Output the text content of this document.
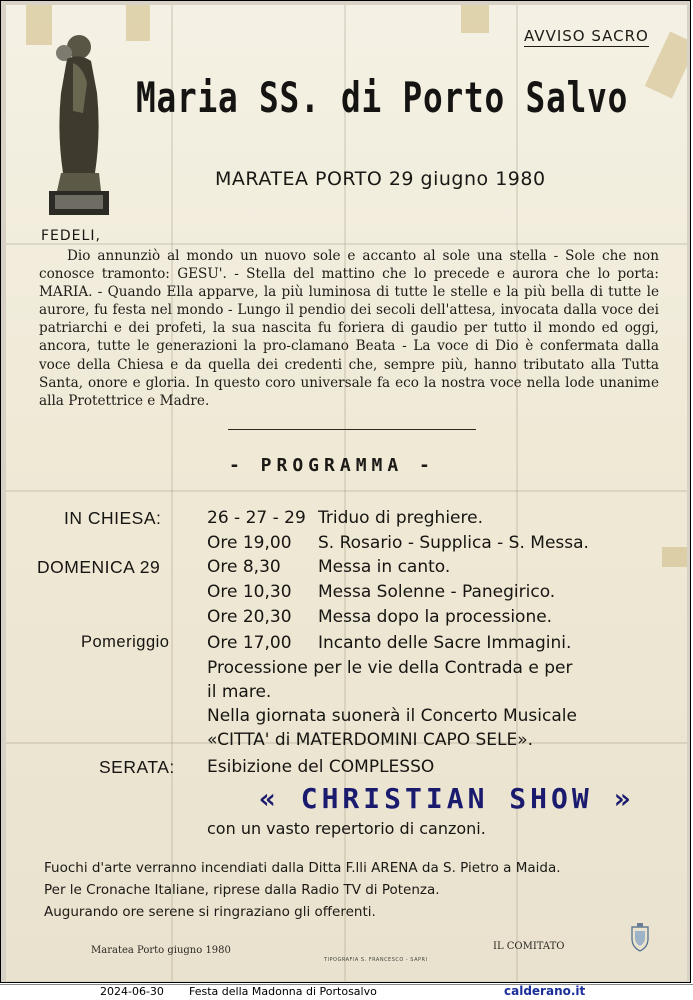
AVVISO SACRO
Maria SS. di Porto Salvo
MARATEA PORTO 29 giugno 1980
FEDELI,
Dio annunziò al mondo un nuovo sole e accanto al sole una stella - Sole che non conosce tramonto: GESU'. - Stella del mattino che lo precede e aurora che lo porta: MARIA. - Quando Ella apparve, la più luminosa di tutte le stelle e la più bella di tutte le aurore, fu festa nel mondo - Lungo il pendio dei secoli dell'attesa, invocata dalla voce dei patriarchi e dei profeti, la sua nascita fu foriera di gaudio per tutto il mondo ed oggi, ancora, tutte le generazioni la pro-clamano Beata - La voce di Dio è confermata dalla voce della Chiesa e da quella dei credenti che, sempre più, hanno tributato alla Tutta Santa, onore e gloria. In questo coro universale fa eco la nostra voce nella lode unanime alla Protettrice e Madre.
- PROGRAMMA -
IN CHIESA:	26 - 27 - 29 Triduo di preghiere.
Ore 19,00 S. Rosario - Supplica - S. Messa.
DOMENICA 29	Ore 8,30 Messa in canto.
Ore 10,30 Messa Solenne - Panegirico.
Ore 20,30 Messa dopo la processione.
Pomeriggio Ore 17,00 Incanto delle Sacre Immagini.
Processione per le vie della Contrada e per
il mare.
Nella giornata suonerà il Concerto Musicale
«CITTA' di MATERDOMINI CAPO SELE».
SERATA: Esibizione del COMPLESSO
« CHRISTIAN SHOW »
con un vasto repertorio di canzoni.
Fuochi d'arte verranno incendiati dalla Ditta F.lli ARENA da S. Pietro a Maida.
Per le Cronache Italiane, riprese dalla Radio TV di Potenza.
Augurando ore serene si ringraziano gli offerenti.
Maratea Porto giugno 1980
TIPOGRAFIA S. FRANCESCO - SAPRI
IL COMITATO
2024-06-30 Festa della Madonna di Portosalvo	calderano.it
